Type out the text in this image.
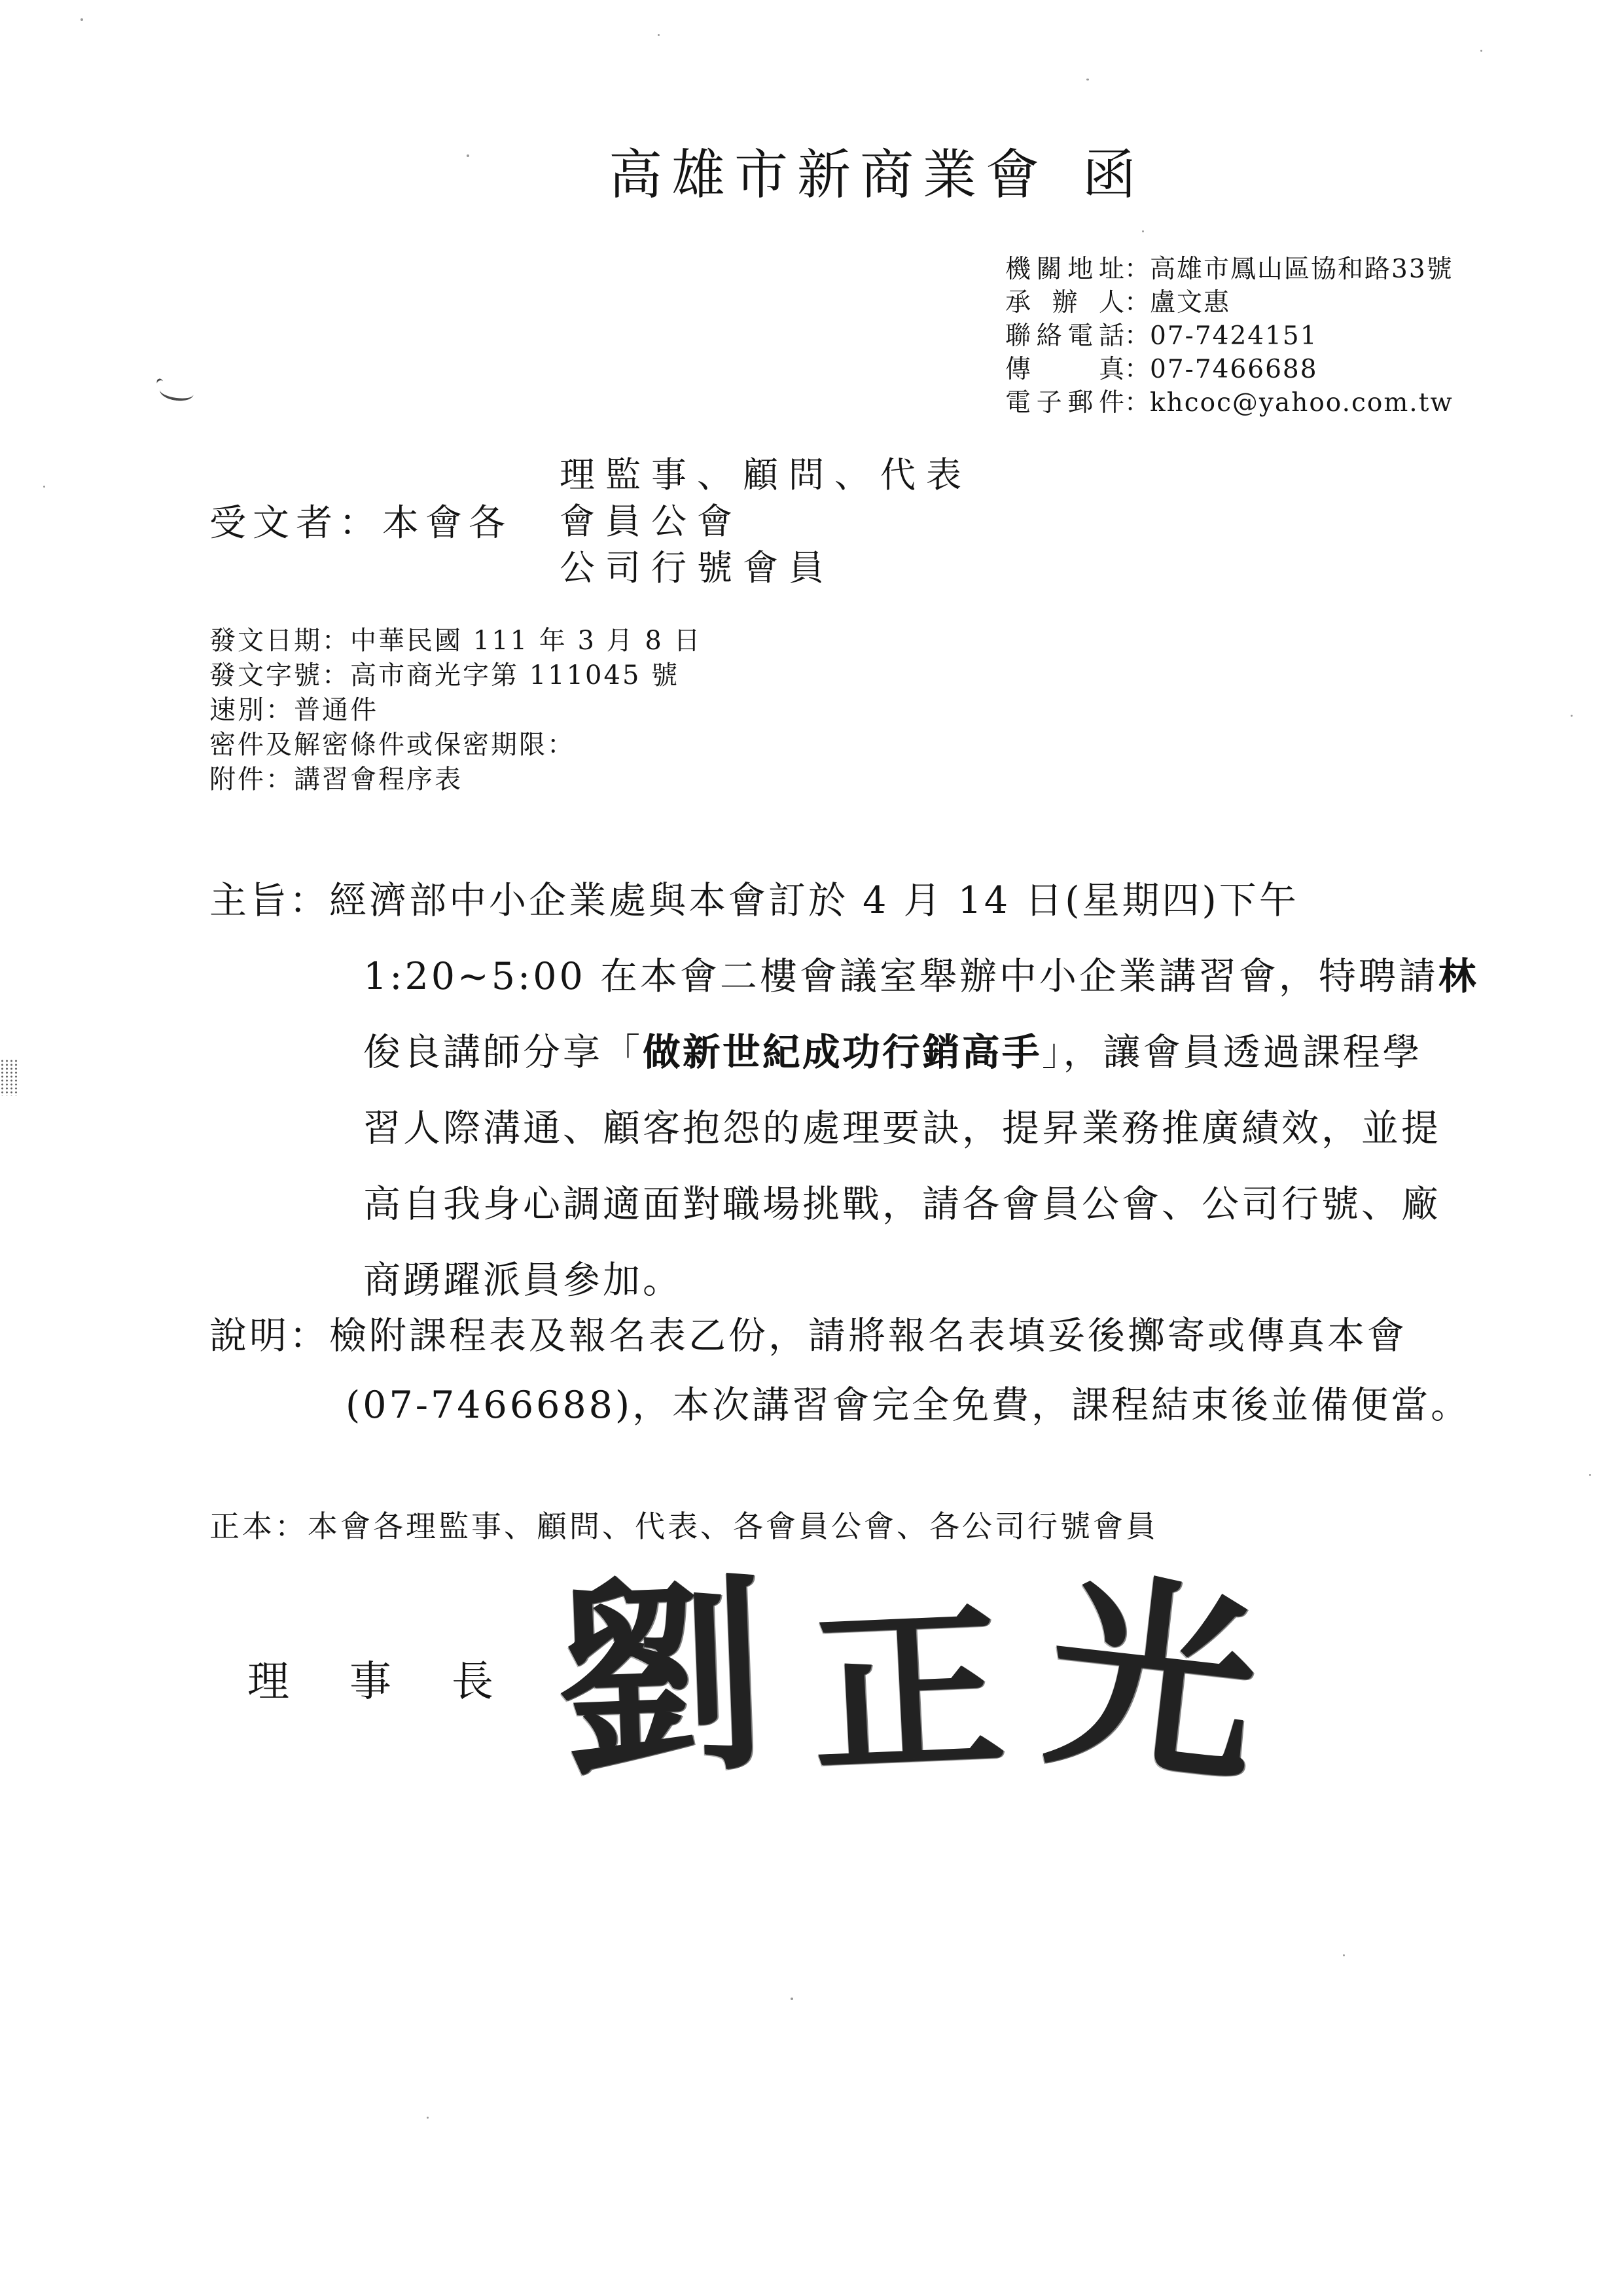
高雄市新商業會 函
機關地址 ： 高雄市鳳山區協和路33號
承辦人 ： 盧文惠
聯絡電話 ： 07-7424151
傳真 ： 07-7466688
電子郵件 ： khcoc@yahoo.com.tw
受文者：本會各
理監事、顧問、代表
會員公會
公司行號會員
發文日期：中華民國 111 年 3 月 8 日
發文字號：高市商光字第 111045 號
速別：普通件
密件及解密條件或保密期限：
附件：講習會程序表
主旨：經濟部中小企業處與本會訂於 4 月 14 日(星期四)下午
1:20~5:00 在本會二樓會議室舉辦中小企業講習會，特聘請林
俊良講師分享「做新世紀成功行銷高手」，讓會員透過課程學
習人際溝通、顧客抱怨的處理要訣，提昇業務推廣績效，並提
高自我身心調適面對職場挑戰，請各會員公會、公司行號、廠
商踴躍派員參加。
說明：檢附課程表及報名表乙份，請將報名表填妥後擲寄或傳真本會
(07-7466688)，本次講習會完全免費，課程結束後並備便當。
正本：本會各理監事、顧問、代表、各會員公會、各公司行號會員
理事長 劉 正 光
